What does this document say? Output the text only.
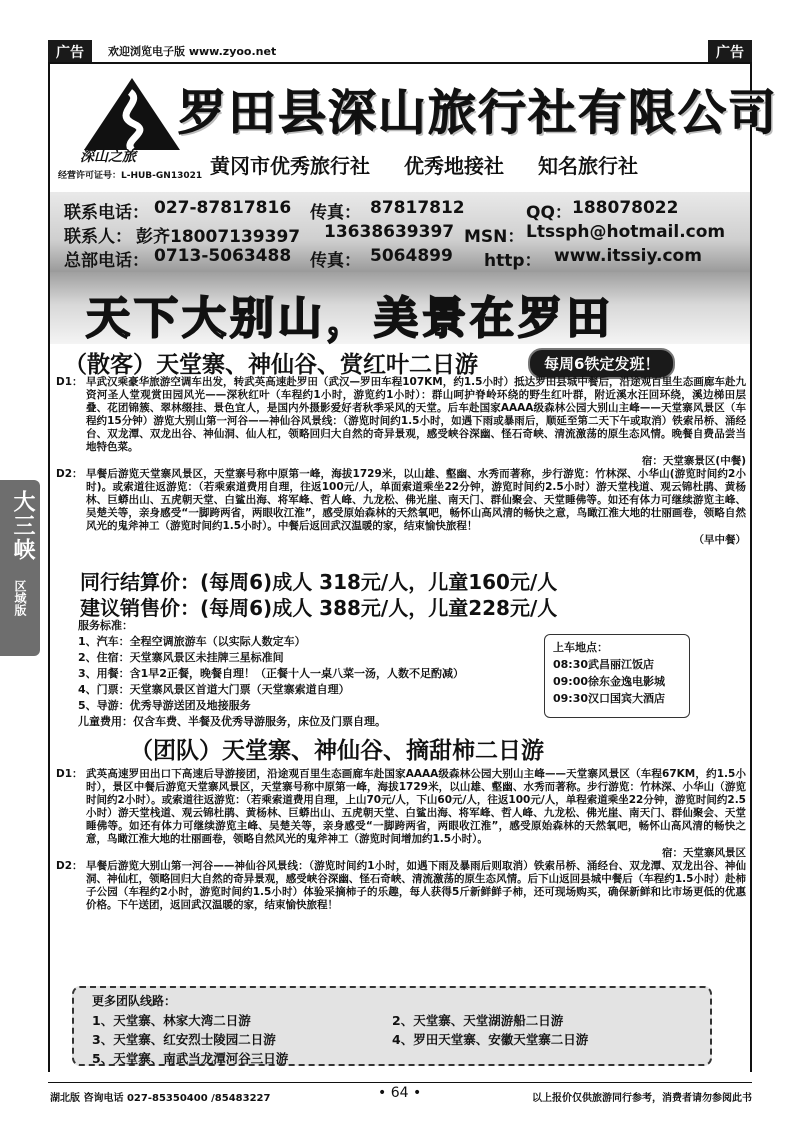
广告	欢迎浏览电子版 www.zyoo.net	广告
深山之旅
经营许可证号：L-HUB-GN13021
罗田县深山旅行社有限公司
黄冈市优秀旅行社 优秀地接社 知名旅行社
联系电话： 027-87817816 传真： 87817812	QQ： 188078022
联系人： 彭齐18007139397 13638639397 MSN： Ltssph@hotmail.com
总部电话： 0713-5063488 传真： 5064899 http： www.itssiy.com
天下大别山，美景在罗田
（散客）天堂寨、神仙谷、赏红叶二日游	每周6铁定发班！
D1： 早武汉乘豪华旅游空调车出发，转武英高速赴罗田（武汉—罗田车程107KM，约1.5小时）抵达罗田县城中餐后，沿途观百里生态画廊车赴九资河圣人堂观赏田园风光——深秋红叶（车程约1小时，游览约1小时）：群山呵护脊岭环绕的野生红叶群，附近溪水汪回环绕，溪边梯田层叠、花团锦簇、翠林缀挂、景色宜人，是国内外摄影爱好者秋季采风的天堂。后车赴国家AAAA级森林公园大别山主峰——天堂寨风景区（车程约15分钟）游览大别山第一河谷——神仙谷风景线：（游览时间约1.5小时，如遇下雨或暴雨后，顺延至第二天下午或取消）铁索吊桥、涌经台、双龙潭、双龙出谷、神仙洞、仙人杠，领略回归大自然的奇异景观，感受峡谷深幽、怪石奇峡、清流激荡的原生态风情。晚餐自费品尝当地特色菜。
宿：天堂寨景区(中餐)
D2： 早餐后游览天堂寨风景区，天堂寨号称中原第一峰，海拔1729米，以山雄、壑幽、水秀而著称，步行游览：竹林深、小华山(游览时间约2小时)。或索道往返游览：（若乘索道费用自理，往返100元/人，单面索道乘坐22分钟，游览时间约2.5小时）游天堂栈道、观云锦杜鹃、黄杨林、巨蟒出山、五虎朝天堂、白鲨出海、将军峰、哲人峰、九龙松、佛光崖、南天门、群仙聚会、天堂睡佛等。如还有体力可继续游览主峰、吴楚关等，亲身感受“一脚跨两省，两眼收江淮”，感受原始森林的天然氧吧，畅怀山高风清的畅快之意，鸟瞰江淮大地的壮丽画卷，领略自然风光的鬼斧神工（游览时间约1.5小时）。中餐后返回武汉温暖的家，结束愉快旅程！
（早中餐）
同行结算价：(每周6)成人 318元/人，儿童160元/人
建议销售价：(每周6)成人 388元/人，儿童228元/人
服务标准：
1、汽车：全程空调旅游车（以实际人数定车）
2、住宿：天堂寨风景区未挂牌三星标准间
3、用餐：含1早2正餐，晚餐自理！（正餐十人一桌八菜一汤，人数不足酌减）
4、门票：天堂寨风景区首道大门票（天堂寨索道自理）
5、导游：优秀导游送团及地接服务
儿童费用：仅含车费、半餐及优秀导游服务，床位及门票自理。
上车地点：
08:30武昌丽江饭店
09:00徐东金逸电影城
09:30汉口国宾大酒店
（团队）天堂寨、神仙谷、摘甜柿二日游
D1： 武英高速罗田出口下高速后导游接团，沿途观百里生态画廊车赴国家AAAA级森林公园大别山主峰——天堂寨风景区（车程67KM，约1.5小时），景区中餐后游览天堂寨风景区，天堂寨号称中原第一峰，海拔1729米，以山雄、壑幽、水秀而著称。步行游览：竹林深、小华山（游览时间约2小时）。或索道往返游览：（若乘索道费用自理，上山70元/人，下山60元/人，往返100元/人，单程索道乘坐22分钟，游览时间约2.5小时）游天堂栈道、观云锦杜鹃、黄杨林、巨蟒出山、五虎朝天堂、白鲨出海、将军峰、哲人峰、九龙松、佛光崖、南天门、群仙聚会、天堂睡佛等。如还有体力可继续游览主峰、吴楚关等，亲身感受“一脚跨两省，两眼收江淮”，感受原始森林的天然氧吧，畅怀山高风清的畅快之意，鸟瞰江淮大地的壮丽画卷，领略自然风光的鬼斧神工（游览时间增加约1.5小时）。
宿：天堂寨风景区
D2： 早餐后游览大别山第一河谷——神仙谷风景线：（游览时间约1小时，如遇下雨及暴雨后则取消）铁索吊桥、涌经台、双龙潭、双龙出谷、神仙洞、神仙杠，领略回归大自然的奇异景观，感受峡谷深幽、怪石奇峡、清流激荡的原生态风情。后下山返回县城中餐后（车程约1.5小时）赴柿子公园（车程约2小时，游览时间约1.5小时）体验采摘柿子的乐趣，每人获得5斤新鲜鲜子柿，还可现场购买，确保新鲜和比市场更低的优惠价格。下午送团，返回武汉温暖的家，结束愉快旅程！
更多团队线路：
1、天堂寨、林家大湾二日游	2、天堂寨、天堂湖游船二日游
3、天堂寨、红安烈士陵园二日游	4、罗田天堂寨、安徽天堂寨二日游
5、天堂寨、南武当龙潭河谷三日游
大三峡
区域版
湖北版 咨询电话 027-85350400 /85483227	• 64 •	以上报价仅供旅游同行参考，消费者请勿参阅此书
